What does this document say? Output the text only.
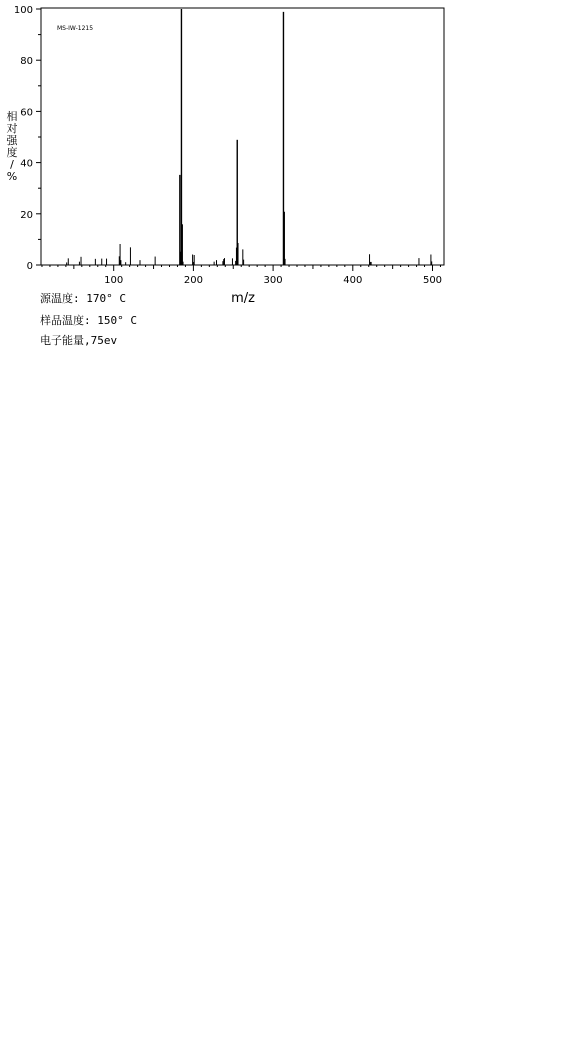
0
20
40
60
80
100
100	200	300	400	500
MS-IW-1215
m/z
相对强度/ %
源温度: 170° C
样品温度: 150° C
电子能量,75ev
